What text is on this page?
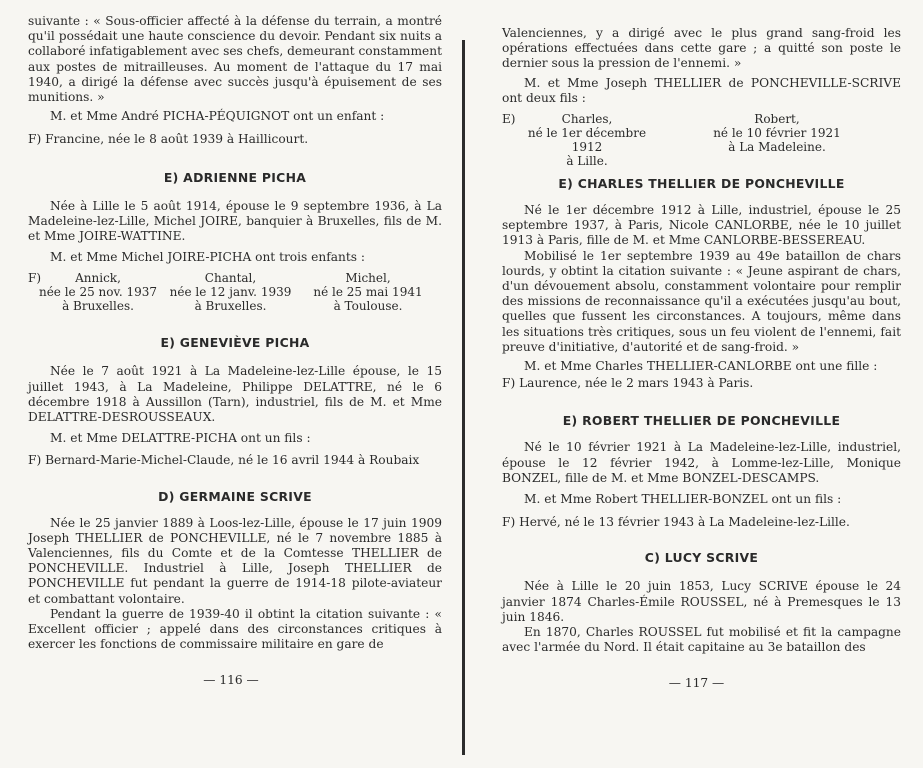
suivante : « Sous-officier affecté à la défense du terrain, a montré qu'il possédait une haute conscience du devoir. Pendant six nuits a collaboré infatigablement avec ses chefs, demeurant constamment aux postes de mitrailleuses. Au moment de l'attaque du 17 mai 1940, a dirigé la défense avec succès jusqu'à épuisement de ses munitions. »

M. et Mme André PICHA-PÉQUIGNOT ont un enfant :

F) Francine, née le 8 août 1939 à Haillicourt.

E) ADRIENNE PICHA

Née à Lille le 5 août 1914, épouse le 9 septembre 1936, à La Madeleine-lez-Lille, Michel JOIRE, banquier à Bruxelles, fils de M. et Mme JOIRE-WATTINE.

M. et Mme Michel JOIRE-PICHA ont trois enfants :

F)	Annick,
née le 25 nov. 1937
à Bruxelles.
Chantal,
née le 12 janv. 1939
à Bruxelles.
Michel,
né le 25 mai 1941
à Toulouse.
E) GENEVIÈVE PICHA

Née le 7 août 1921 à La Madeleine-lez-Lille épouse, le 15 juillet 1943, à La Madeleine, Philippe DELATTRE, né le 6 décembre 1918 à Aussillon (Tarn), industriel, fils de M. et Mme DELATTRE-DESROUSSEAUX.

M. et Mme DELATTRE-PICHA ont un fils :

F) Bernard-Marie-Michel-Claude, né le 16 avril 1944 à Roubaix

D) GERMAINE SCRIVE

Née le 25 janvier 1889 à Loos-lez-Lille, épouse le 17 juin 1909 Joseph THELLIER de PONCHEVILLE, né le 7 novembre 1885 à Valenciennes, fils du Comte et de la Comtesse THELLIER de PONCHEVILLE. Industriel à Lille, Joseph THELLIER de PONCHEVILLE fut pendant la guerre de 1914-18 pilote-aviateur et combattant volontaire.

Pendant la guerre de 1939-40 il obtint la citation suivante : « Excellent officier ; appelé dans des circonstances critiques à exercer les fonctions de commissaire militaire en gare de

— 116 —

Valenciennes, y a dirigé avec le plus grand sang-froid les opérations effectuées dans cette gare ; a quitté son poste le dernier sous la pression de l'ennemi. »

M. et Mme Joseph THELLIER de PONCHEVILLE-SCRIVE ont deux fils :

E)	Charles,
né le 1er décembre 1912
à Lille.
Robert,
né le 10 février 1921
à La Madeleine.
E) CHARLES THELLIER DE PONCHEVILLE

Né le 1er décembre 1912 à Lille, industriel, épouse le 25 septembre 1937, à Paris, Nicole CANLORBE, née le 10 juillet 1913 à Paris, fille de M. et Mme CANLORBE-BESSEREAU.

Mobilisé le 1er septembre 1939 au 49e bataillon de chars lourds, y obtint la citation suivante : « Jeune aspirant de chars, d'un dévouement absolu, constamment volontaire pour remplir des missions de reconnaissance qu'il a exécutées jusqu'au bout, quelles que fussent les circonstances. A toujours, même dans les situations très critiques, sous un feu violent de l'ennemi, fait preuve d'initiative, d'autorité et de sang-froid. »

M. et Mme Charles THELLIER-CANLORBE ont une fille :

F) Laurence, née le 2 mars 1943 à Paris.

E) ROBERT THELLIER DE PONCHEVILLE

Né le 10 février 1921 à La Madeleine-lez-Lille, industriel, épouse le 12 février 1942, à Lomme-lez-Lille, Monique BONZEL, fille de M. et Mme BONZEL-DESCAMPS.

M. et Mme Robert THELLIER-BONZEL ont un fils :

F) Hervé, né le 13 février 1943 à La Madeleine-lez-Lille.

C) LUCY SCRIVE

Née à Lille le 20 juin 1853, Lucy SCRIVE épouse le 24 janvier 1874 Charles-Émile ROUSSEL, né à Premesques le 13 juin 1846.

En 1870, Charles ROUSSEL fut mobilisé et fit la campagne avec l'armée du Nord. Il était capitaine au 3e bataillon des

— 117 —
